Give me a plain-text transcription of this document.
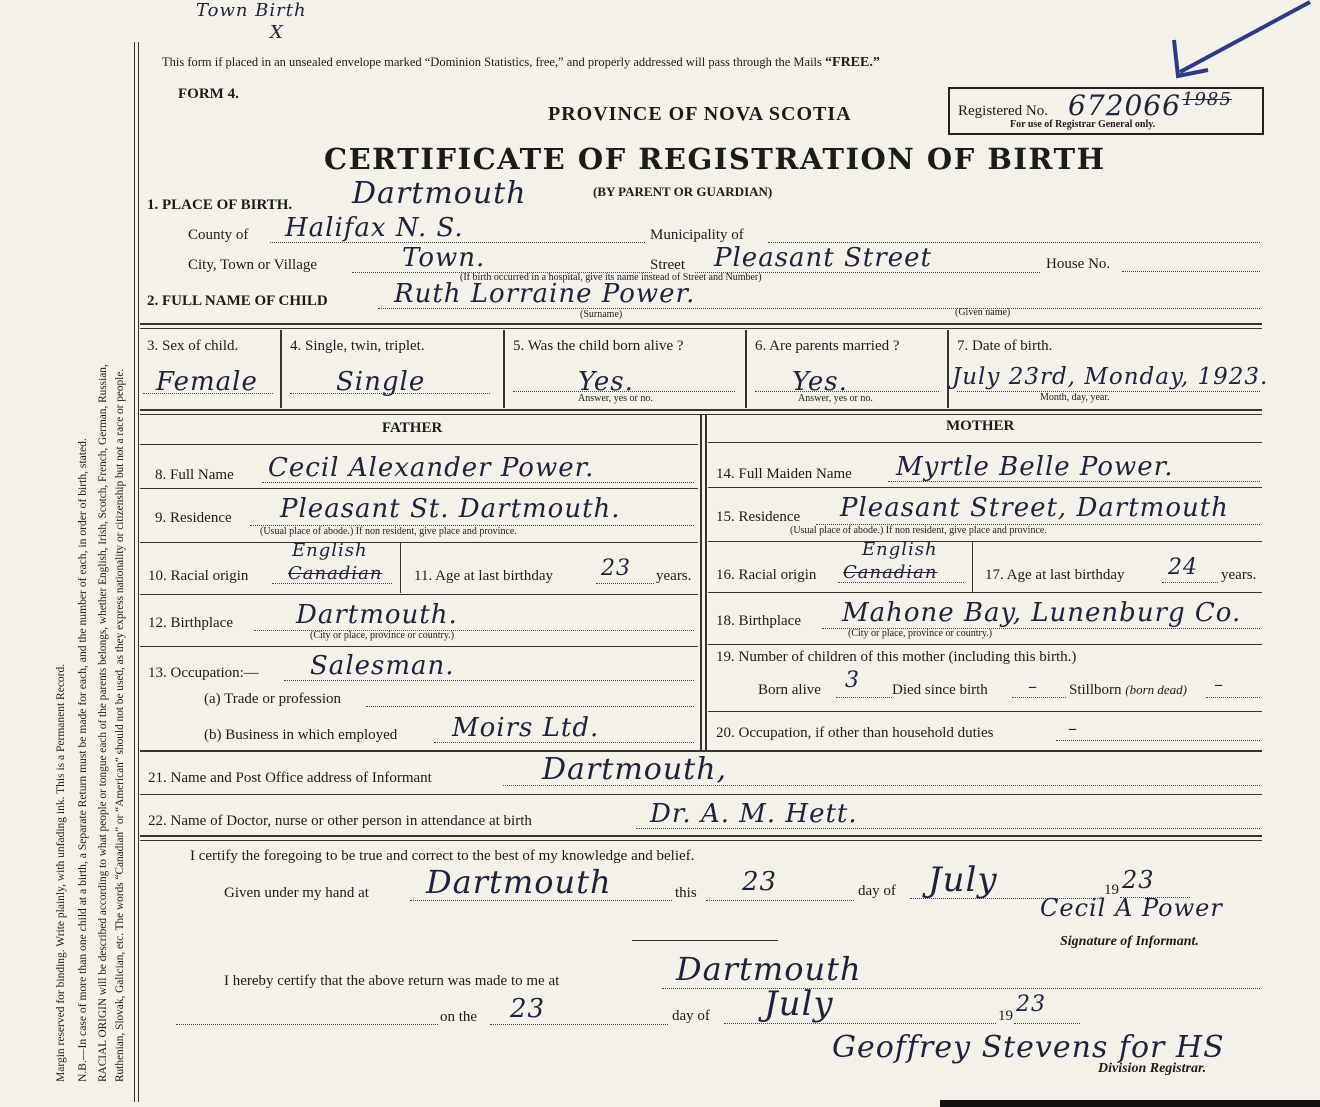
Town Birth
X
Margin reserved for binding. Write plainly, with unfading ink. This is a Permanent Record. N.B.—In case of more than one child at a birth, a Separate Return must be made for each, and the number of each, in order of birth, stated. RACIAL ORIGIN will be described according to what people or tongue each of the parents belongs, whether English, Irish, Scotch, French, German, Russian, Ruthenian, Slovak, Galician, etc. The words “Canadian” or “American” should not be used, as they express nationality or citizenship but not a race or people.
This form if placed in an unsealed envelope marked “Dominion Statistics, free,” and properly addressed will pass through the Mails “FREE.”
FORM 4.
PROVINCE OF NOVA SCOTIA
CERTIFICATE OF REGISTRATION OF BIRTH
(BY PARENT OR GUARDIAN)
Registered No. 672066 1985
For use of Registrar General only.
1. PLACE OF BIRTH. Dartmouth
County of Halifax N. S.	Municipality of
City, Town or Village	Town.	Street Pleasant Street	House No.
(If birth occurred in a hospital, give its name instead of Street and Number)
2. FULL NAME OF CHILD	Ruth Lorraine Power.
(Surname)	(Given name)
3. Sex of child.
Female
4. Single, twin, triplet.
Single
5. Was the child born alive ?
Yes.
Answer, yes or no.
6. Are parents married ?
Yes.
Answer, yes or no.
7. Date of birth.
July 23rd, Monday, 1923.
Month, day, year.
FATHER	MOTHER
8. Full Name Cecil Alexander Power.	14. Full Maiden Name Myrtle Belle Power.
9. Residence Pleasant St. Dartmouth.
(Usual place of abode.) If non resident, give place and province.
15. Residence Pleasant Street, Dartmouth
(Usual place of abode.) If non resident, give place and province.
10. Racial origin Canadian
English
11. Age at last birthday 23 years. 16. Racial origin Canadian
English
17. Age at last birthday 24 years.
12. Birthplace Dartmouth.
(City or place, province or country.)
18. Birthplace Mahone Bay, Lunenburg Co.
(City or place, province or country.)
13. Occupation:— Salesman.
(a) Trade or profession
(b) Business in which employed Moirs Ltd.
19. Number of children of this mother (including this birth.)
Born alive 3 Died since birth – Stillborn (born dead) –
20. Occupation, if other than household duties	–
21. Name and Post Office address of Informant	Dartmouth,
22. Name of Doctor, nurse or other person in attendance at birth	Dr. A. M. Hett.
I certify the foregoing to be true and correct to the best of my knowledge and belief.
Given under my hand at Dartmouth	this 23	day of July	19 23
Cecil A Power
Signature of Informant.
I hereby certify that the above return was made to me at	Dartmouth
on the 23	day of July	19 23
Geoffrey Stevens for HS
Division Registrar.
